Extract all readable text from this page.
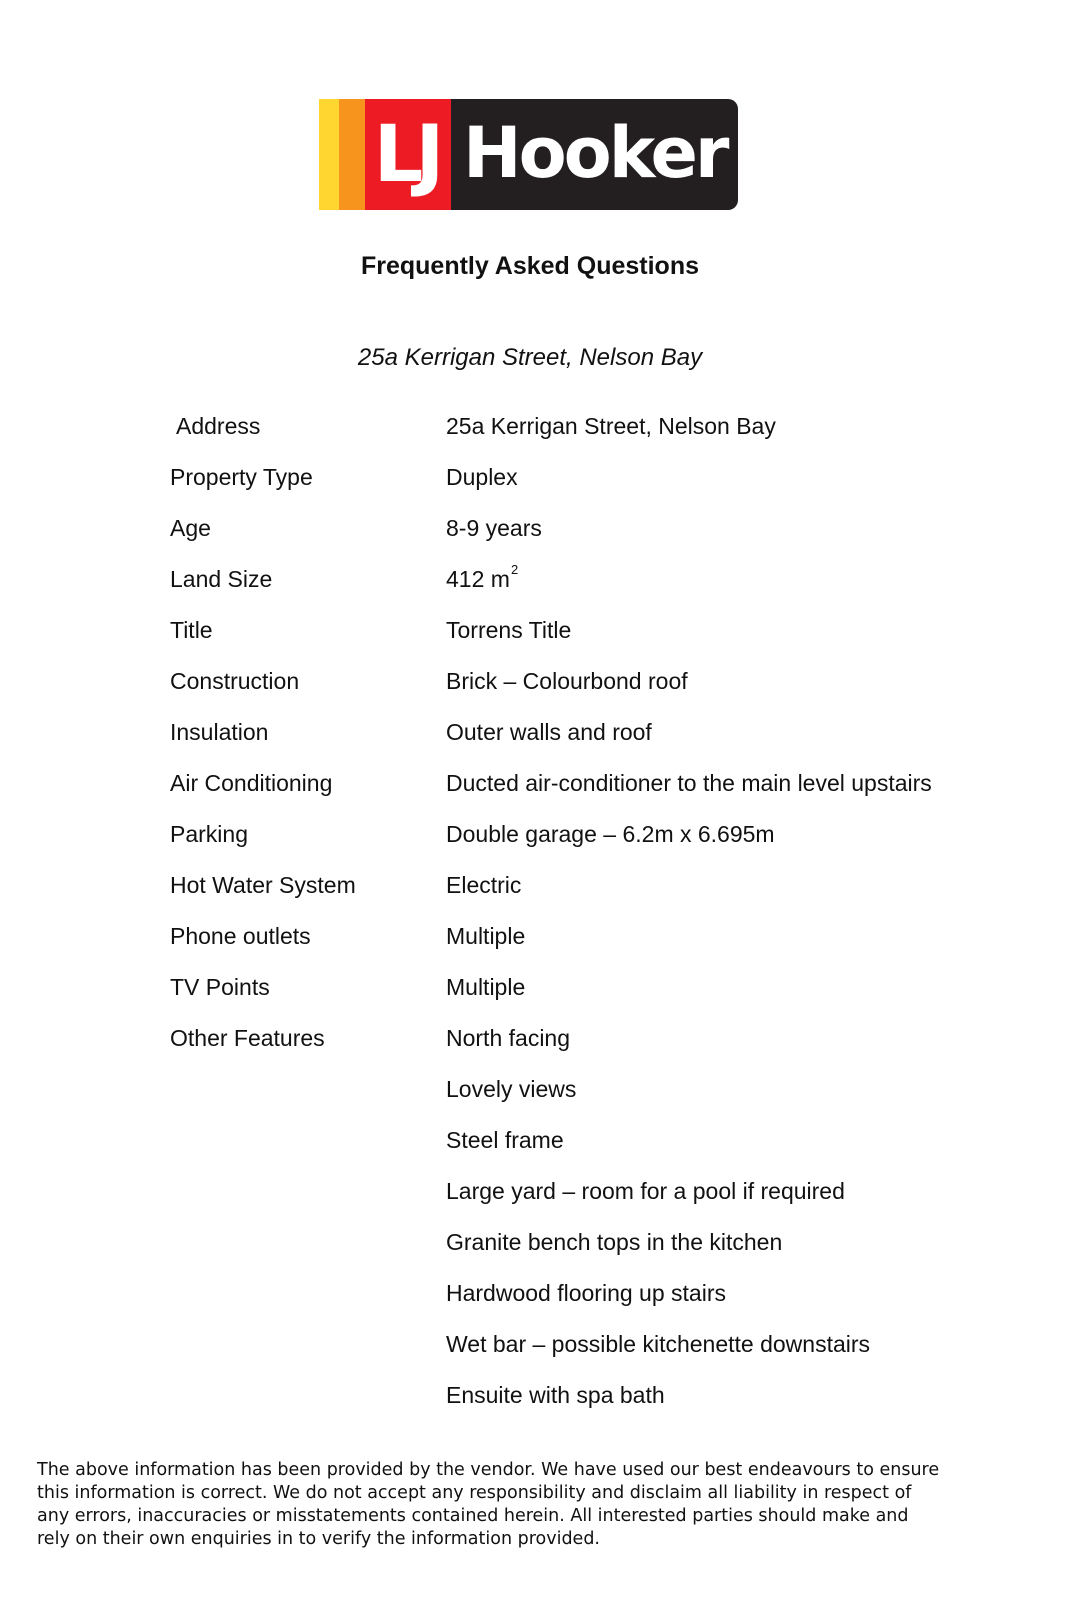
LJ Hooker
Frequently Asked Questions
25a Kerrigan Street, Nelson Bay
Address	25a Kerrigan Street, Nelson Bay
Property Type	Duplex
Age	8-9 years
Land Size	412 $m^2$
Title	Torrens Title
Construction	Brick – Colourbond roof
Insulation	Outer walls and roof
Air Conditioning	Ducted air-conditioner to the main level upstairs
Parking	Double garage – 6.2m x 6.695m
Hot Water System	Electric
Phone outlets	Multiple
TV Points	Multiple
Other Features	North facing
Lovely views
Steel frame
Large yard – room for a pool if required
Granite bench tops in the kitchen
Hardwood flooring up stairs
Wet bar – possible kitchenette downstairs
Ensuite with spa bath
The above information has been provided by the vendor. We have used our best endeavours to ensure
this information is correct. We do not accept any responsibility and disclaim all liability in respect of
any errors, inaccuracies or misstatements contained herein. All interested parties should make and
rely on their own enquiries in to verify the information provided.
